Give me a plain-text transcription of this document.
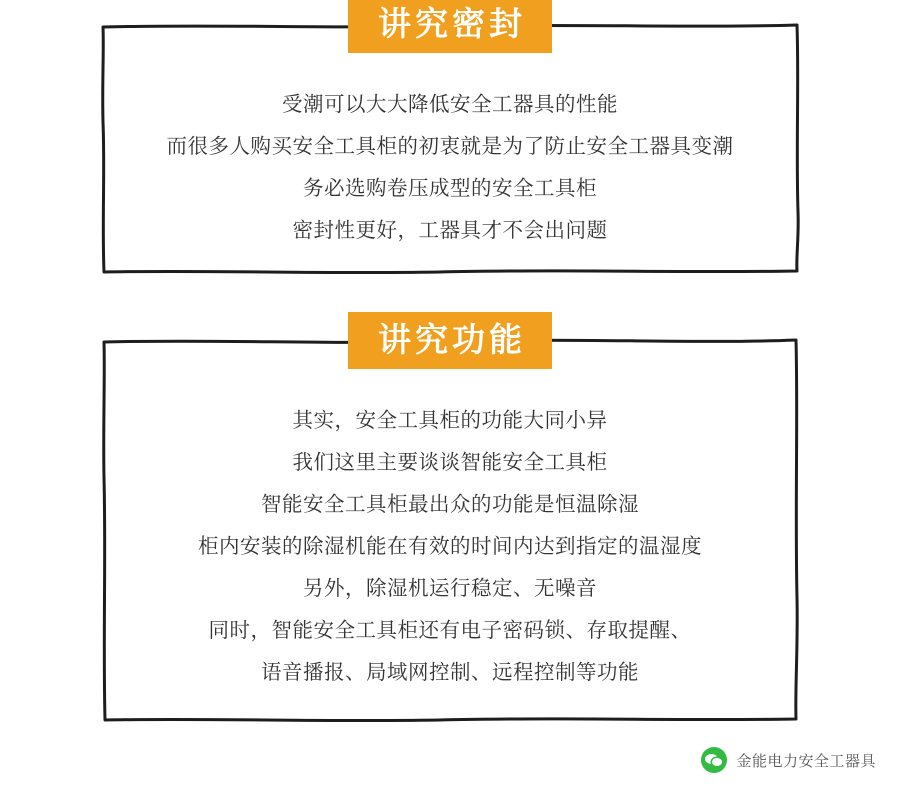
讲究密封
受潮可以大大降低安全工器具的性能
而很多人购买安全工具柜的初衷就是为了防止安全工器具变潮
务必选购卷压成型的安全工具柜
密封性更好，工器具才不会出问题
讲究功能
其实，安全工具柜的功能大同小异
我们这里主要谈谈智能安全工具柜
智能安全工具柜最出众的功能是恒温除湿
柜内安装的除湿机能在有效的时间内达到指定的温湿度
另外，除湿机运行稳定、无噪音
同时，智能安全工具柜还有电子密码锁、存取提醒、
语音播报、局域网控制、远程控制等功能
金能电力安全工器具
